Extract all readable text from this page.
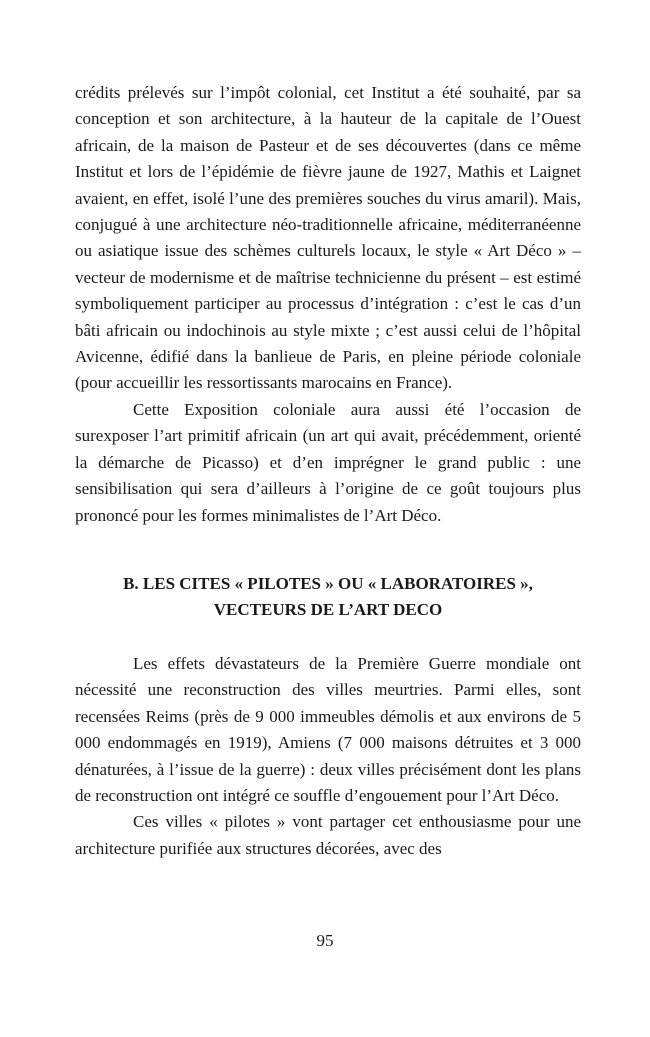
crédits prélevés sur l’impôt colonial, cet Institut a été souhaité, par sa conception et son architecture, à la hauteur de la capitale de l’Ouest africain, de la maison de Pasteur et de ses découvertes (dans ce même Institut et lors de l’épidémie de fièvre jaune de 1927, Mathis et Laignet avaient, en effet, isolé l’une des premières souches du virus amaril). Mais, conjugué à une architecture néo-traditionnelle africaine, méditerranéenne ou asiatique issue des schèmes culturels locaux, le style « Art Déco » – vecteur de modernisme et de maîtrise technicienne du présent – est estimé symboliquement participer au processus d’intégration : c’est le cas d’un bâti africain ou indochinois au style mixte ; c’est aussi celui de l’hôpital Avicenne, édifié dans la banlieue de Paris, en pleine période coloniale (pour accueillir les ressortissants marocains en France).

Cette Exposition coloniale aura aussi été l’occasion de surexposer l’art primitif africain (un art qui avait, précédemment, orienté la démarche de Picasso) et d’en imprégner le grand public : une sensibilisation qui sera d’ailleurs à l’origine de ce goût toujours plus prononcé pour les formes minimalistes de l’Art Déco.

B. LES CITES « PILOTES » OU « LABORATOIRES »,
VECTEURS DE L’ART DECO

Les effets dévastateurs de la Première Guerre mondiale ont nécessité une reconstruction des villes meurtries. Parmi elles, sont recensées Reims (près de 9 000 immeubles démolis et aux environs de 5 000 endommagés en 1919), Amiens (7 000 maisons détruites et 3 000 dénaturées, à l’issue de la guerre) : deux villes précisément dont les plans de reconstruction ont intégré ce souffle d’engouement pour l’Art Déco.

Ces villes « pilotes » vont partager cet enthousiasme pour une architecture purifiée aux structures décorées, avec des

95
